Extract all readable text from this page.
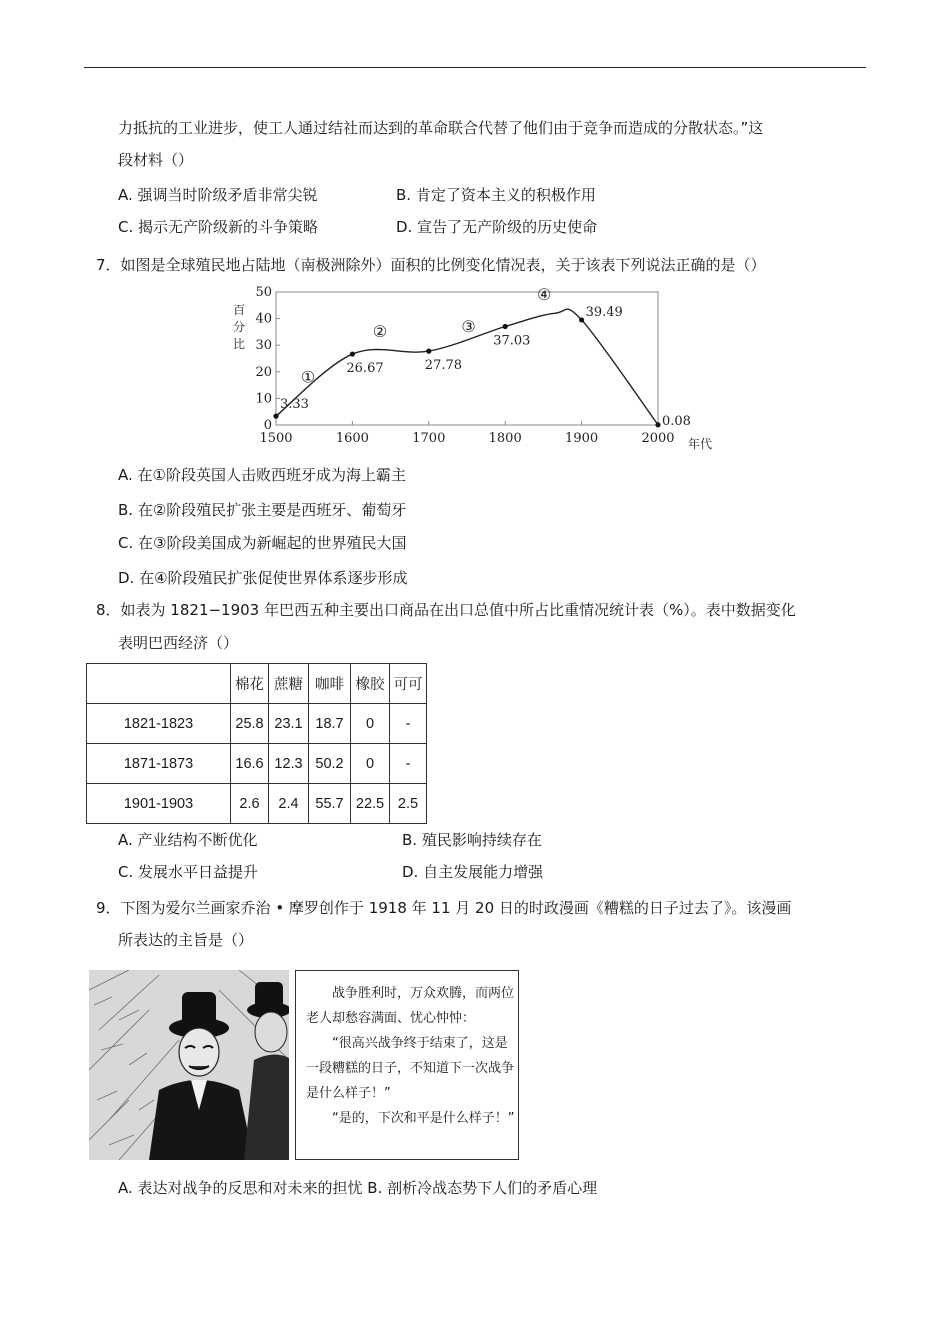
力抵抗的工业进步，使工人通过结社而达到的革命联合代替了他们由于竞争而造成的分散状态。”这
段材料（）
A. 强调当时阶级矛盾非常尖锐	B. 肯定了资本主义的积极作用
C. 揭示无产阶级新的斗争策略	D. 宣告了无产阶级的历史使命
7．如图是全球殖民地占陆地（南极洲除外）面积的比例变化情况表，关于该表下列说法正确的是（）
0
10
20
30
40
50
1500	1600	1700	1800	1900	2000
百
分
比
年代
3.33
26.67	27.78
37.03
39.49
0.08
①
②	③
④
A. 在①阶段英国人击败西班牙成为海上霸主
B. 在②阶段殖民扩张主要是西班牙、葡萄牙
C. 在③阶段美国成为新崛起的世界殖民大国
D. 在④阶段殖民扩张促使世界体系逐步形成
8．如表为 1821−1903 年巴西五种主要出口商品在出口总值中所占比重情况统计表（%）。表中数据变化
表明巴西经济（）
	棉花	蔗糖	咖啡	橡胶	可可
1821-1823	25.8	23.1	18.7	0	-
1871-1873	16.6	12.3	50.2	0	-
1901-1903	2.6	2.4	55.7	22.5	2.5
A. 产业结构不断优化	B. 殖民影响持续存在
C. 发展水平日益提升	D. 自主发展能力增强
9．下图为爱尔兰画家乔治 • 摩罗创作于 1918 年 11 月 20 日的时政漫画《糟糕的日子过去了》。该漫画
所表达的主旨是（）
战争胜利时，万众欢腾，而两位
老人却愁容满面、忧心忡忡：
“很高兴战争终于结束了，这是
一段糟糕的日子，不知道下一次战争
是什么样子！”
“是的，下次和平是什么样子！”
A. 表达对战争的反思和对未来的担忧 B. 剖析冷战态势下人们的矛盾心理
